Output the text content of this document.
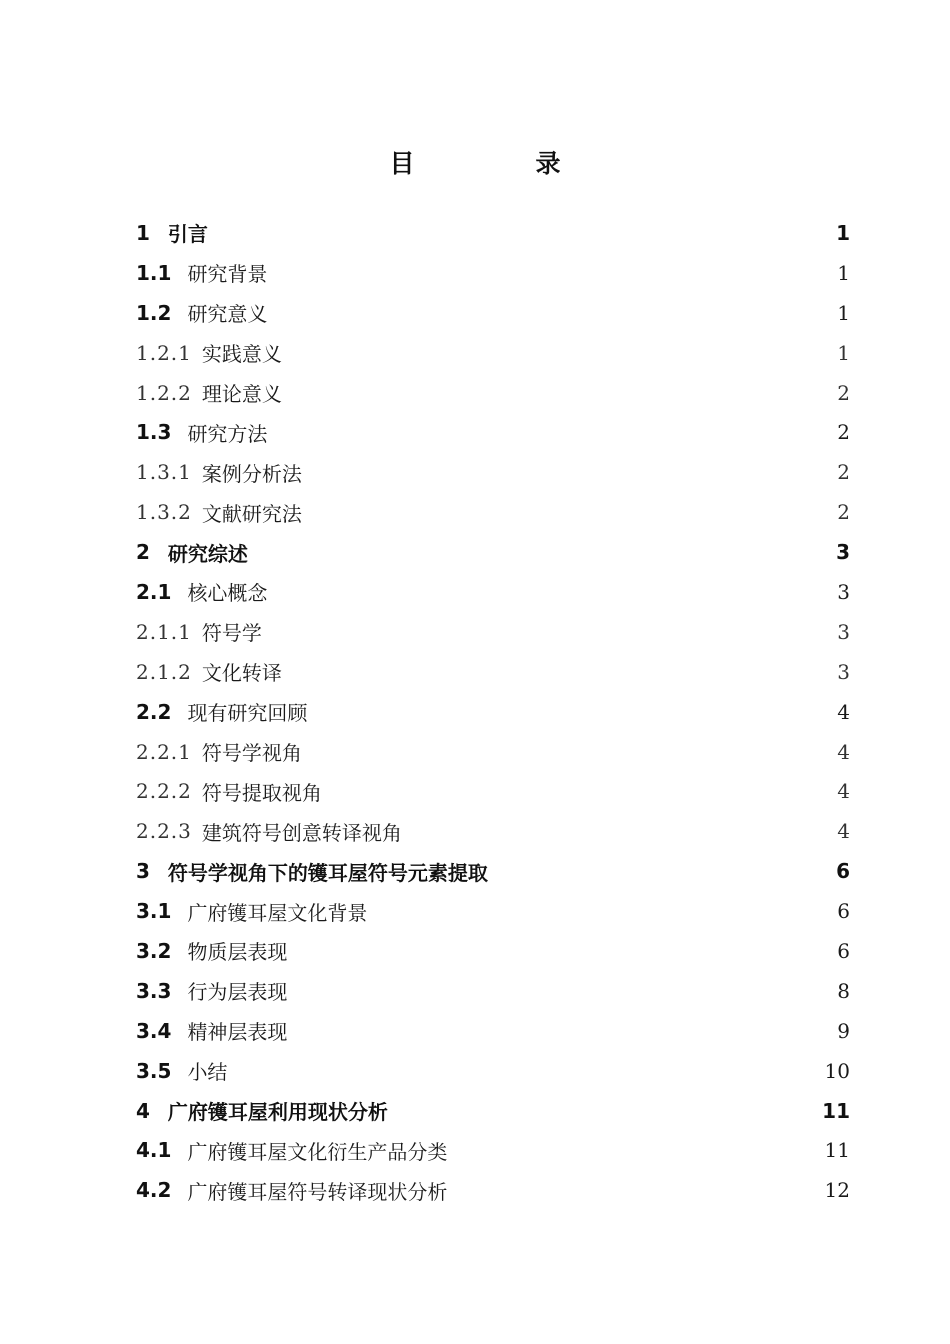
目　录
1 引言	1
1.1 研究背景	1
1.2 研究意义	1
1.2.1 实践意义	1
1.2.2 理论意义	2
1.3 研究方法	2
1.3.1 案例分析法	2
1.3.2 文献研究法	2
2 研究综述	3
2.1 核心概念	3
2.1.1 符号学	3
2.1.2 文化转译	3
2.2 现有研究回顾	4
2.2.1 符号学视角	4
2.2.2 符号提取视角	4
2.2.3 建筑符号创意转译视角	4
3 符号学视角下的镬耳屋符号元素提取	6
3.1 广府镬耳屋文化背景	6
3.2 物质层表现	6
3.3 行为层表现	8
3.4 精神层表现	9
3.5 小结	10
4 广府镬耳屋利用现状分析	11
4.1 广府镬耳屋文化衍生产品分类	11
4.2 广府镬耳屋符号转译现状分析	12
